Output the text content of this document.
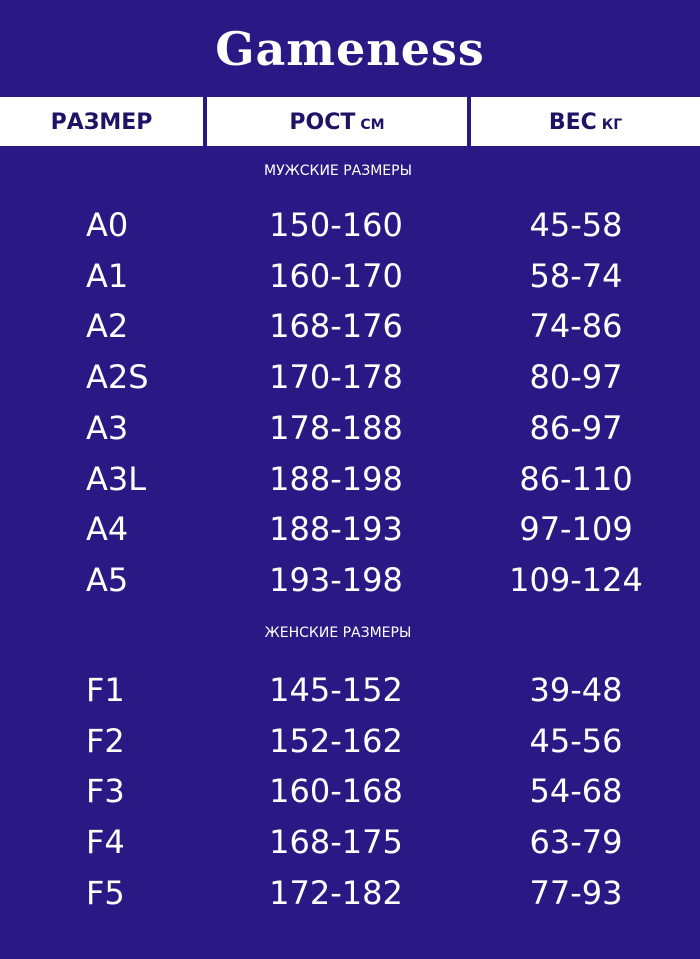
Gameness
РАЗМЕР	РОСТ СМ	ВЕС КГ
МУЖСКИЕ РАЗМЕРЫ
A0	150-160	45-58
A1	160-170	58-74
A2	168-176	74-86
A2S	170-178	80-97
A3	178-188	86-97
A3L	188-198	86-110
A4	188-193	97-109
A5	193-198	109-124
ЖЕНСКИЕ РАЗМЕРЫ
F1	145-152	39-48
F2	152-162	45-56
F3	160-168	54-68
F4	168-175	63-79
F5	172-182	77-93
